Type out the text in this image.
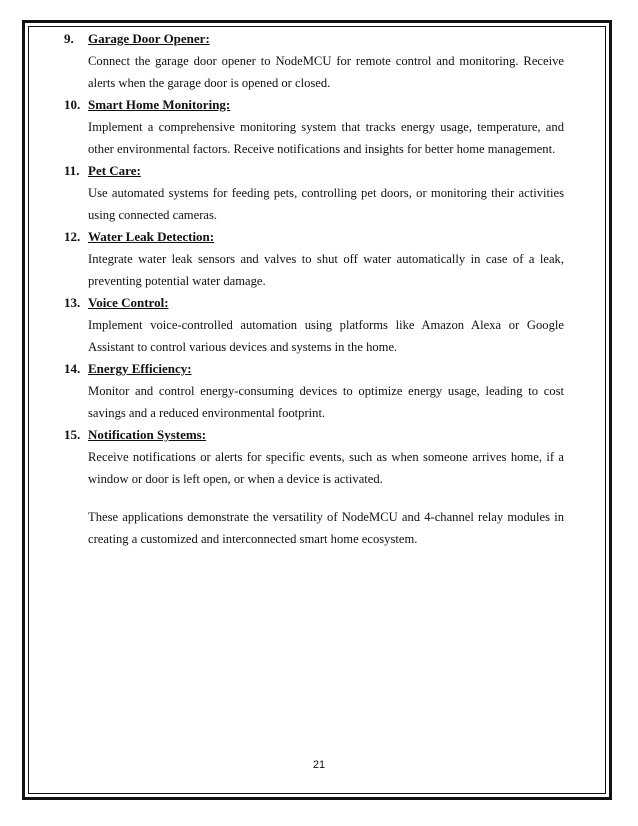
9.	Garage Door Opener:

Connect the garage door opener to NodeMCU for remote control and monitoring. Receive alerts when the garage door is opened or closed.

10. Smart Home Monitoring:

Implement a comprehensive monitoring system that tracks energy usage, temperature, and other environmental factors. Receive notifications and insights for better home management.

11. Pet Care:

Use automated systems for feeding pets, controlling pet doors, or monitoring their activities using connected cameras.

12. Water Leak Detection:

Integrate water leak sensors and valves to shut off water automatically in case of a leak, preventing potential water damage.

13. Voice Control:

Implement voice-controlled automation using platforms like Amazon Alexa or Google Assistant to control various devices and systems in the home.

14. Energy Efficiency:

Monitor and control energy-consuming devices to optimize energy usage, leading to cost savings and a reduced environmental footprint.

15. Notification Systems:

Receive notifications or alerts for specific events, such as when someone arrives home, if a window or door is left open, or when a device is activated.

These applications demonstrate the versatility of NodeMCU and 4-channel relay modules in creating a customized and interconnected smart home ecosystem.

21
